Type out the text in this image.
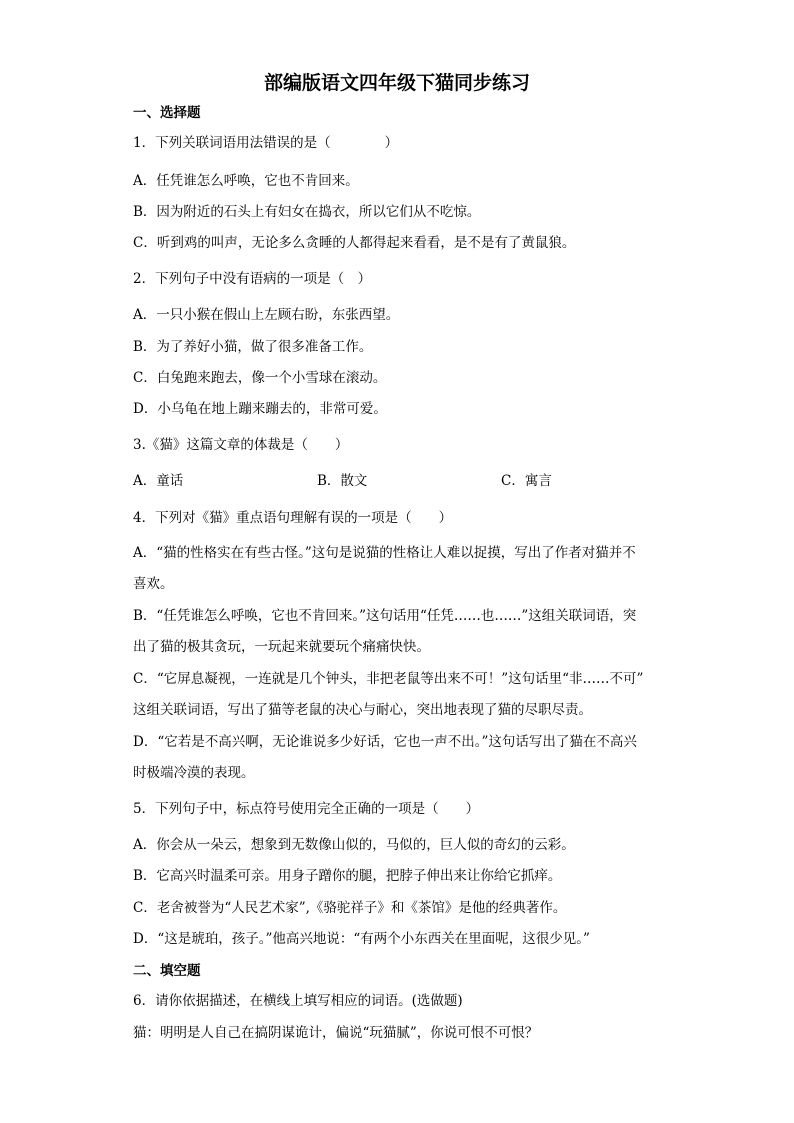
部编版语文四年级下猫同步练习
一、选择题
1．下列关联词语用法错误的是（　　　　）
A．任凭谁怎么呼唤，它也不肯回来。
B．因为附近的石头上有妇女在捣衣，所以它们从不吃惊。
C．听到鸡的叫声，无论多么贪睡的人都得起来看看，是不是有了黄鼠狼。
2．下列句子中没有语病的一项是（　）
A．一只小猴在假山上左顾右盼，东张西望。
B．为了养好小猫，做了很多准备工作。
C．白兔跑来跑去，像一个小雪球在滚动。
D．小乌龟在地上蹦来蹦去的，非常可爱。
3.《猫》这篇文章的体裁是（　　）
A．童话	B．散文	C．寓言
4．下列对《猫》重点语句理解有误的一项是（　　）
A．“猫的性格实在有些古怪。”这句是说猫的性格让人难以捉摸，写出了作者对猫并不
喜欢。
B．“任凭谁怎么呼唤，它也不肯回来。”这句话用“任凭……也……”这组关联词语，突
出了猫的极其贪玩，一玩起来就要玩个痛痛快快。
C．“它屏息凝视，一连就是几个钟头，非把老鼠等出来不可！”这句话里“非……不可”
这组关联词语，写出了猫等老鼠的决心与耐心，突出地表现了猫的尽职尽责。
D．“它若是不高兴啊，无论谁说多少好话，它也一声不出。”这句话写出了猫在不高兴
时极端冷漠的表现。
5．下列句子中，标点符号使用完全正确的一项是（　　）
A．你会从一朵云，想象到无数像山似的，马似的，巨人似的奇幻的云彩。
B．它高兴时温柔可亲。用身子蹭你的腿，把脖子伸出来让你给它抓痒。
C．老舍被誉为“人民艺术家”,《骆驼祥子》和《茶馆》是他的经典著作。
D．“这是琥珀，孩子。”他高兴地说：“有两个小东西关在里面呢，这很少见。”
二、填空题
6．请你依据描述，在横线上填写相应的词语。(选做题)
猫：明明是人自己在搞阴谋诡计，偏说“玩猫腻”，你说可恨不可恨？
